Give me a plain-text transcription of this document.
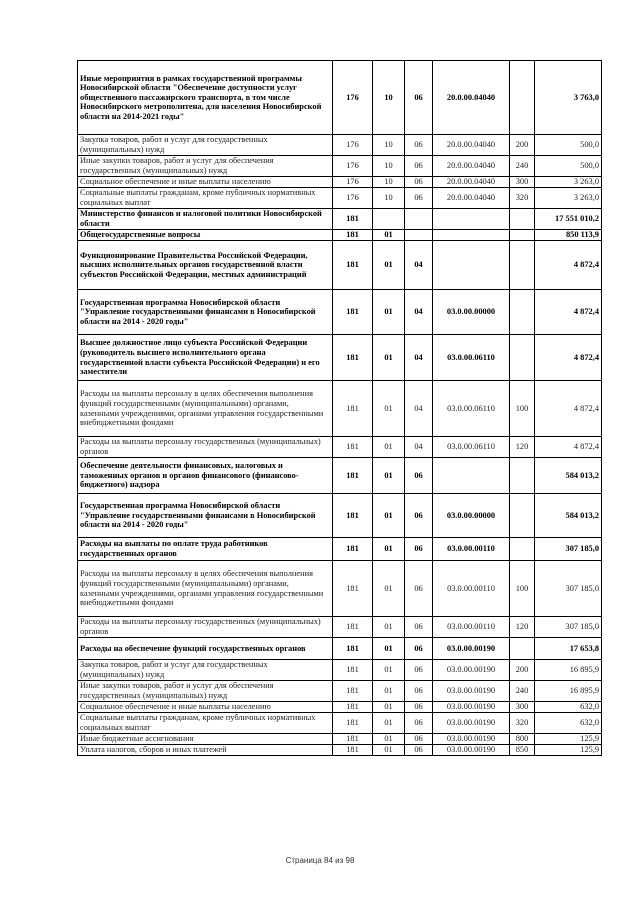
Иные мероприятия в рамках государственной программы Новосибирской области "Обеспечение доступности услуг общественного пассажирского транспорта, в том числе Новосибирского метрополитена, для населения Новосибирской области на 2014-2021 годы"	176	10	06	20.0.00.04040		3 763,0
Закупка товаров, работ и услуг для государственных (муниципальных) нужд	176	10	06	20.0.00.04040	200	500,0
Иные закупки товаров, работ и услуг для обеспечения государственных (муниципальных) нужд	176	10	06	20.0.00.04040	240	500,0
Социальное обеспечение и иные выплаты населению	176	10	06	20.0.00.04040	300	3 263,0
Социальные выплаты гражданам, кроме публичных нормативных социальных выплат	176	10	06	20.0.00.04040	320	3 263,0
Министерство финансов и налоговой политики Новосибирской области	181					17 551 010,2
Общегосударственные вопросы	181	01				850 113,9
Функционирование Правительства Российской Федерации, высших исполнительных органов государственной власти субъектов Российской Федерации, местных администраций	181	01	04			4 872,4
Государственная программа Новосибирской области "Управление государственными финансами в Новосибирской области на 2014 - 2020 годы"	181	01	04	03.0.00.00000		4 872,4
Высшее должностное лицо субъекта Российской Федерации (руководитель высшего исполнительного органа государственной власти субъекта Российской Федерации) и его заместители	181	01	04	03.0.00.06110		4 872,4
Расходы на выплаты персоналу в целях обеспечения выполнения функций государственными (муниципальными) органами, казенными учреждениями, органами управления государственными внебюджетными фондами	181	01	04	03.0.00.06110	100	4 872,4
Расходы на выплаты персоналу государственных (муниципальных) органов	181	01	04	03.0.00.06110	120	4 872,4
Обеспечение деятельности финансовых, налоговых и таможенных органов и органов финансового (финансово-бюджетного) надзора	181	01	06			584 013,2
Государственная программа Новосибирской области "Управление государственными финансами в Новосибирской области на 2014 - 2020 годы"	181	01	06	03.0.00.00000		584 013,2
Расходы на выплаты по оплате труда работников государственных органов	181	01	06	03.0.00.00110		307 185,0
Расходы на выплаты персоналу в целях обеспечения выполнения функций государственными (муниципальными) органами, казенными учреждениями, органами управления государственными внебюджетными фондами	181	01	06	03.0.00.00110	100	307 185,0
Расходы на выплаты персоналу государственных (муниципальных) органов	181	01	06	03.0.00.00110	120	307 185,0
Расходы на обеспечение функций государственных органов	181	01	06	03.0.00.00190		17 653,8
Закупка товаров, работ и услуг для государственных (муниципальных) нужд	181	01	06	03.0.00.00190	200	16 895,9
Иные закупки товаров, работ и услуг для обеспечения государственных (муниципальных) нужд	181	01	06	03.0.00.00190	240	16 895,9
Социальное обеспечение и иные выплаты населению	181	01	06	03.0.00.00190	300	632,0
Социальные выплаты гражданам, кроме публичных нормативных социальных выплат	181	01	06	03.0.00.00190	320	632,0
Иные бюджетные ассигнования	181	01	06	03.0.00.00190	800	125,9
Уплата налогов, сборов и иных платежей	181	01	06	03.0.00.00190	850	125,9
Страница 84 из 98
